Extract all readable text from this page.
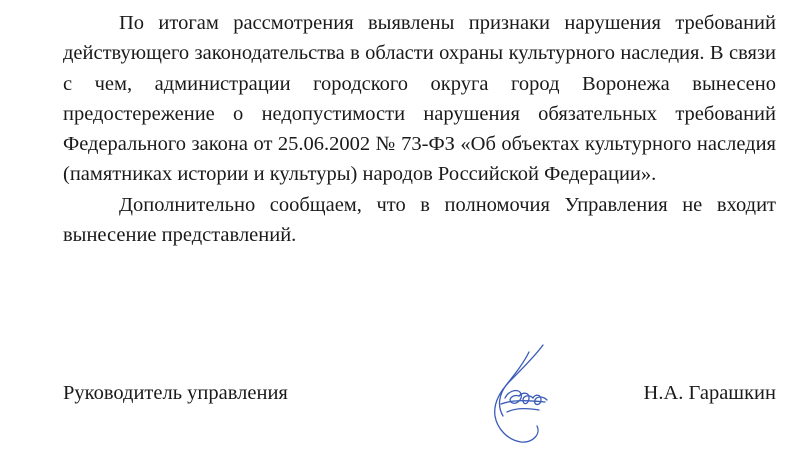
По итогам рассмотрения выявлены признаки нарушения требований действующего законодательства в области охраны культурного наследия. В связи с чем, администрации городского округа город Воронежа вынесено предостережение о недопустимости нарушения обязательных требований Федерального закона от 25.06.2002 № 73-ФЗ «Об объектах культурного наследия (памятниках истории и культуры) народов Российской Федерации».

Дополнительно сообщаем, что в полномочия Управления не входит вынесение представлений.

Руководитель управления	Н.А. Гарашкин
